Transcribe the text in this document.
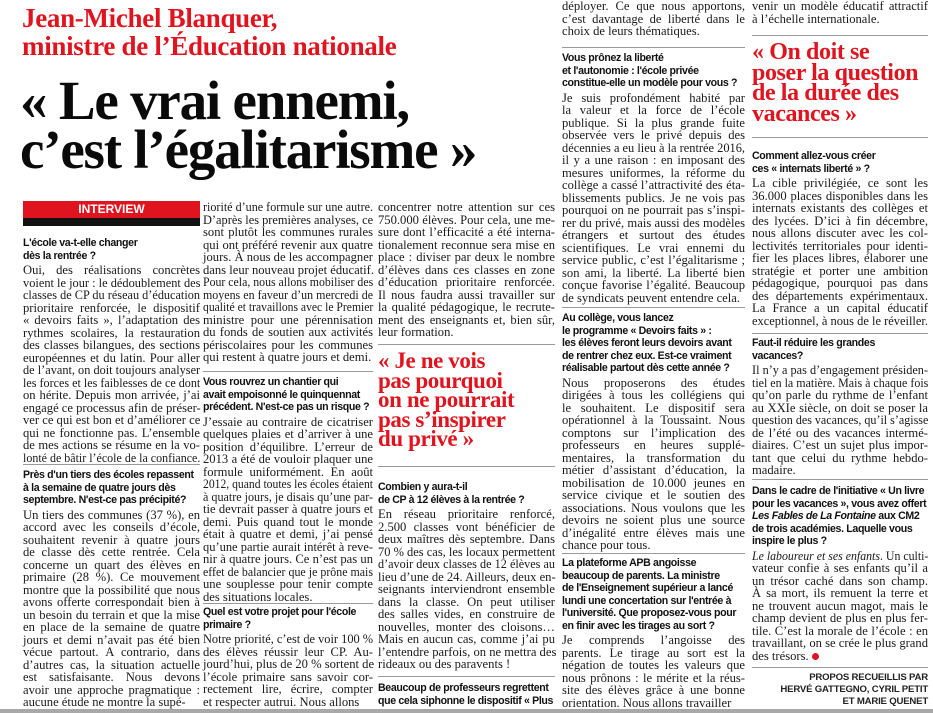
Jean-Michel Blanquer,
ministre de l’Éducation nationale
« Le vrai ennemi,
c’est l’égalitarisme »
INTERVIEW
L'école va-t-elle changer
dès la rentrée ?
Oui, des réalisations concrètes
voient le jour : le dédoublement des
classes de CP du réseau d’éducation
prioritaire renforcée, le dispositif
« devoirs faits », l’adaptation des
rythmes scolaires, la restauration
des classes bilangues, des sections
européennes et du latin. Pour aller
de l’avant, on doit toujours analyser
les forces et les faiblesses de ce dont
on hérite. Depuis mon arrivée, j’ai
engagé ce processus afin de préser-
ver ce qui est bon et d’améliorer ce
qui ne fonctionne pas. L’ensemble
de mes actions se résume en la vo-
lonté de bâtir l’école de la confiance.
Près d'un tiers des écoles repassent
à la semaine de quatre jours dès
septembre. N'est-ce pas précipité?
Un tiers des communes (37 %), en
accord avec les conseils d’école,
souhaitent revenir à quatre jours
de classe dès cette rentrée. Cela
concerne un quart des élèves en
primaire (28 %). Ce mouvement
montre que la possibilité que nous
avons offerte correspondait bien à
un besoin du terrain et que la mise
en place de la semaine de quatre
jours et demi n’avait pas été bien
vécue partout. A contrario, dans
d’autres cas, la situation actuelle
est satisfaisante. Nous devons
avoir une approche pragmatique :
aucune étude ne montre la supé-
riorité d’une formule sur une autre.
D’après les premières analyses, ce
sont plutôt les communes rurales
qui ont préféré revenir aux quatre
jours. À nous de les accompagner
dans leur nouveau projet éducatif.
Pour cela, nous allons mobiliser des
moyens en faveur d’un mercredi de
qualité et travaillons avec le Premier
ministre pour une pérennisation
du fonds de soutien aux activités
périscolaires pour les communes
qui restent à quatre jours et demi.
Vous rouvrez un chantier qui
avait empoisonné le quinquennat
précédent. N'est-ce pas un risque ?
J’essaie au contraire de cicatriser
quelques plaies et d’arriver à une
position d’équilibre. L’erreur de
2013 a été de vouloir plaquer une
formule uniformément. En août
2012, quand toutes les écoles étaient
à quatre jours, je disais qu’une par-
tie devrait passer à quatre jours et
demi. Puis quand tout le monde
était à quatre et demi, j’ai pensé
qu’une partie aurait intérêt à reve-
nir à quatre jours. Ce n’est pas un
effet de balancier que je prône mais
une souplesse pour tenir compte
des situations locales.
Quel est votre projet pour l'école
primaire ?
Notre priorité, c’est de voir 100 %
des élèves réussir leur CP. Au-
jourd’hui, plus de 20 % sortent de
l’école primaire sans savoir cor-
rectement lire, écrire, compter
et respecter autrui. Nous allons
concentrer notre attention sur ces
750.000 élèves. Pour cela, une me-
sure dont l’efficacité a été interna-
tionalement reconnue sera mise en
place : diviser par deux le nombre
d’élèves dans ces classes en zone
d’éducation prioritaire renforcée.
Il nous faudra aussi travailler sur
la qualité pédagogique, le recrute-
ment des enseignants et, bien sûr,
leur formation.
« Je ne vois
pas pourquoi
on ne pourrait
pas s’inspirer
du privé »
Combien y aura-t-il
de CP à 12 élèves à la rentrée ?
En réseau prioritaire renforcé,
2.500 classes vont bénéficier de
deux maîtres dès septembre. Dans
70 % des cas, les locaux permettent
d’avoir deux classes de 12 élèves au
lieu d’une de 24. Ailleurs, deux en-
seignants interviendront ensemble
dans la classe. On peut utiliser
des salles vides, en construire de
nouvelles, monter des cloisons…
Mais en aucun cas, comme j’ai pu
l’entendre parfois, on ne mettra des
rideaux ou des paravents !
Beaucoup de professeurs regrettent
que cela siphonne le dispositif « Plus
déployer. Ce que nous apportons,
c’est davantage de liberté dans le
choix de leurs thématiques.
Vous prônez la liberté
et l'autonomie : l'école privée
constitue-elle un modèle pour vous ?
Je suis profondément habité par
la valeur et la force de l’école
publique. Si la plus grande fuite
observée vers le privé depuis des
décennies a eu lieu à la rentrée 2016,
il y a une raison : en imposant des
mesures uniformes, la réforme du
collège a cassé l’attractivité des éta-
blissements publics. Je ne vois pas
pourquoi on ne pourrait pas s’inspi-
rer du privé, mais aussi des modèles
étrangers et surtout des études
scientifiques. Le vrai ennemi du
service public, c’est l’égalitarisme ;
son ami, la liberté. La liberté bien
conçue favorise l’égalité. Beaucoup
de syndicats peuvent entendre cela.
Au collège, vous lancez
le programme « Devoirs faits » :
les élèves feront leurs devoirs avant
de rentrer chez eux. Est-ce vraiment
réalisable partout dès cette année ?
Nous proposerons des études
dirigées à tous les collégiens qui
le souhaitent. Le dispositif sera
opérationnel à la Toussaint. Nous
comptons sur l’implication des
professeurs en heures supplé-
mentaires, la transformation du
métier d’assistant d’éducation, la
mobilisation de 10.000 jeunes en
service civique et le soutien des
associations. Nous voulons que les
devoirs ne soient plus une source
d’inégalité entre élèves mais une
chance pour tous.
La plateforme APB angoisse
beaucoup de parents. La ministre
de l'Enseignement supérieur a lancé
lundi une concertation sur l'entrée à
l'université. Que proposez-vous pour
en finir avec les tirages au sort ?
Je comprends l’angoisse des
parents. Le tirage au sort est la
négation de toutes les valeurs que
nous prônons : le mérite et la réus-
site des élèves grâce à une bonne
orientation. Nous allons travailler
venir un modèle éducatif attractif
à l’échelle internationale.
« On doit se
poser la question
de la durée des
vacances »
Comment allez-vous créer
ces « internats liberté » ?
La cible privilégiée, ce sont les
36.000 places disponibles dans les
internats existants des collèges et
des lycées. D’ici à fin décembre,
nous allons discuter avec les col-
lectivités territoriales pour identi-
fier les places libres, élaborer une
stratégie et porter une ambition
pédagogique, pourquoi pas dans
des départements expérimentaux.
La France a un capital éducatif
exceptionnel, à nous de le réveiller.
Faut-il réduire les grandes
vacances?
Il n’y a pas d’engagement présiden-
tiel en la matière. Mais à chaque fois
qu’on parle du rythme de l’enfant
au XXIe siècle, on doit se poser la
question des vacances, qu’il s’agisse
de l’été ou des vacances intermé-
diaires. C’est un sujet plus impor-
tant que celui du rythme hebdo-
madaire.
Dans le cadre de l'initiative « Un livre
pour les vacances », vous avez offert
Les Fables de La Fontaine aux CM2
de trois académies. Laquelle vous
inspire le plus ?
Le laboureur et ses enfants. Un culti-
vateur confie à ses enfants qu’il a
un trésor caché dans son champ.
À sa mort, ils remuent la terre et
ne trouvent aucun magot, mais le
champ devient de plus en plus fer-
tile. C’est la morale de l’école : en
travaillant, on se crée le plus grand
des trésors.
PROPOS RECUEILLIS PAR
HERVÉ GATTEGNO, CYRIL PETIT
ET MARIE QUENET
